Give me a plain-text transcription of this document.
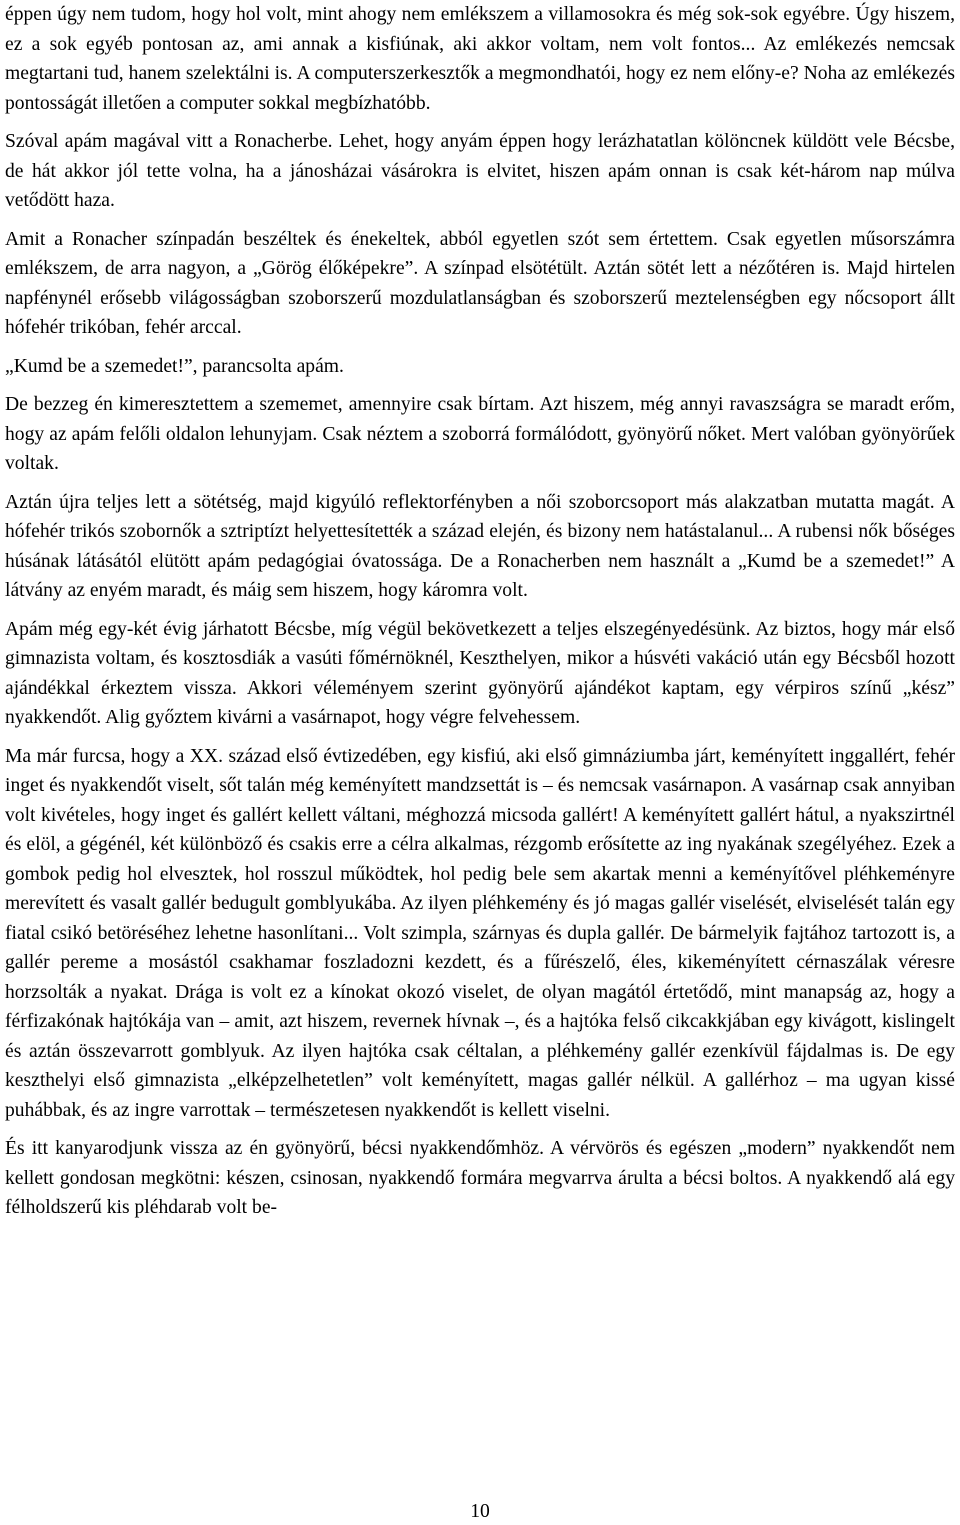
éppen úgy nem tudom, hogy hol volt, mint ahogy nem emlékszem a villamosokra és még sok-sok egyébre. Úgy hiszem, ez a sok egyéb pontosan az, ami annak a kisfiúnak, aki akkor voltam, nem volt fontos... Az emlékezés nemcsak megtartani tud, hanem szelektálni is. A computerszerkesztők a megmondhatói, hogy ez nem előny-e? Noha az emlékezés pontosságát illetően a computer sokkal megbízhatóbb.

Szóval apám magával vitt a Ronacherbe. Lehet, hogy anyám éppen hogy lerázhatatlan kölöncnek küldött vele Bécsbe, de hát akkor jól tette volna, ha a jánosházai vásárokra is elvitet, hiszen apám onnan is csak két-három nap múlva vetődött haza.

Amit a Ronacher színpadán beszéltek és énekeltek, abból egyetlen szót sem értettem. Csak egyetlen műsorszámra emlékszem, de arra nagyon, a „Görög élőképekre”. A színpad elsötétült. Aztán sötét lett a nézőtéren is. Majd hirtelen napfénynél erősebb világosságban szoborszerű mozdulatlanságban és szoborszerű meztelenségben egy nőcsoport állt hófehér trikóban, fehér arccal.

„Kumd be a szemedet!”, parancsolta apám.

De bezzeg én kimeresztettem a szememet, amennyire csak bírtam. Azt hiszem, még annyi ravaszságra se maradt erőm, hogy az apám felőli oldalon lehunyjam. Csak néztem a szoborrá formálódott, gyönyörű nőket. Mert valóban gyönyörűek voltak.

Aztán újra teljes lett a sötétség, majd kigyúló reflektorfényben a női szoborcsoport más alakzatban mutatta magát. A hófehér trikós szobornők a sztriptízt helyettesítették a század elején, és bizony nem hatástalanul... A rubensi nők bőséges húsának látásától elütött apám pedagógiai óvatossága. De a Ronacherben nem használt a „Kumd be a szemedet!” A látvány az enyém maradt, és máig sem hiszem, hogy káromra volt.

Apám még egy-két évig járhatott Bécsbe, míg végül bekövetkezett a teljes elszegényedésünk. Az biztos, hogy már első gimnazista voltam, és kosztosdiák a vasúti főmérnöknél, Keszthelyen, mikor a húsvéti vakáció után egy Bécsből hozott ajándékkal érkeztem vissza. Akkori véleményem szerint gyönyörű ajándékot kaptam, egy vérpiros színű „kész” nyakkendőt. Alig győztem kivárni a vasárnapot, hogy végre felvehessem.

Ma már furcsa, hogy a XX. század első évtizedében, egy kisfiú, aki első gimnáziumba járt, keményített inggallért, fehér inget és nyakkendőt viselt, sőt talán még keményített mandzsettát is – és nemcsak vasárnapon. A vasárnap csak annyiban volt kivételes, hogy inget és gallért kellett váltani, méghozzá micsoda gallért! A keményített gallért hátul, a nyakszirtnél és elöl, a gégénél, két különböző és csakis erre a célra alkalmas, rézgomb erősítette az ing nyakának szegélyéhez. Ezek a gombok pedig hol elvesztek, hol rosszul működtek, hol pedig bele sem akartak menni a keményítővel pléhkeményre merevített és vasalt gallér bedugult gomblyukába. Az ilyen pléhkemény és jó magas gallér viselését, elviselését talán egy fiatal csikó betöréséhez lehetne hasonlítani... Volt szimpla, szárnyas és dupla gallér. De bármelyik fajtához tartozott is, a gallér pereme a mosástól csakhamar foszladozni kezdett, és a fűrészelő, éles, kikeményített cérnaszálak véresre horzsolták a nyakat. Drága is volt ez a kínokat okozó viselet, de olyan magától értetődő, mint manapság az, hogy a férfizakónak hajtókája van – amit, azt hiszem, revernek hívnak –, és a hajtóka felső cikcakkjában egy kivágott, kislingelt és aztán összevarrott gomblyuk. Az ilyen hajtóka csak céltalan, a pléhkemény gallér ezenkívül fájdalmas is. De egy keszthelyi első gimnazista „elképzelhetetlen” volt keményített, magas gallér nélkül. A gallérhoz – ma ugyan kissé puhábbak, és az ingre varrottak – természetesen nyakkendőt is kellett viselni.

És itt kanyarodjunk vissza az én gyönyörű, bécsi nyakkendőmhöz. A vérvörös és egészen „modern” nyakkendőt nem kellett gondosan megkötni: készen, csinosan, nyakkendő formára megvarrva árulta a bécsi boltos. A nyakkendő alá egy félholdszerű kis pléhdarab volt be-

10
